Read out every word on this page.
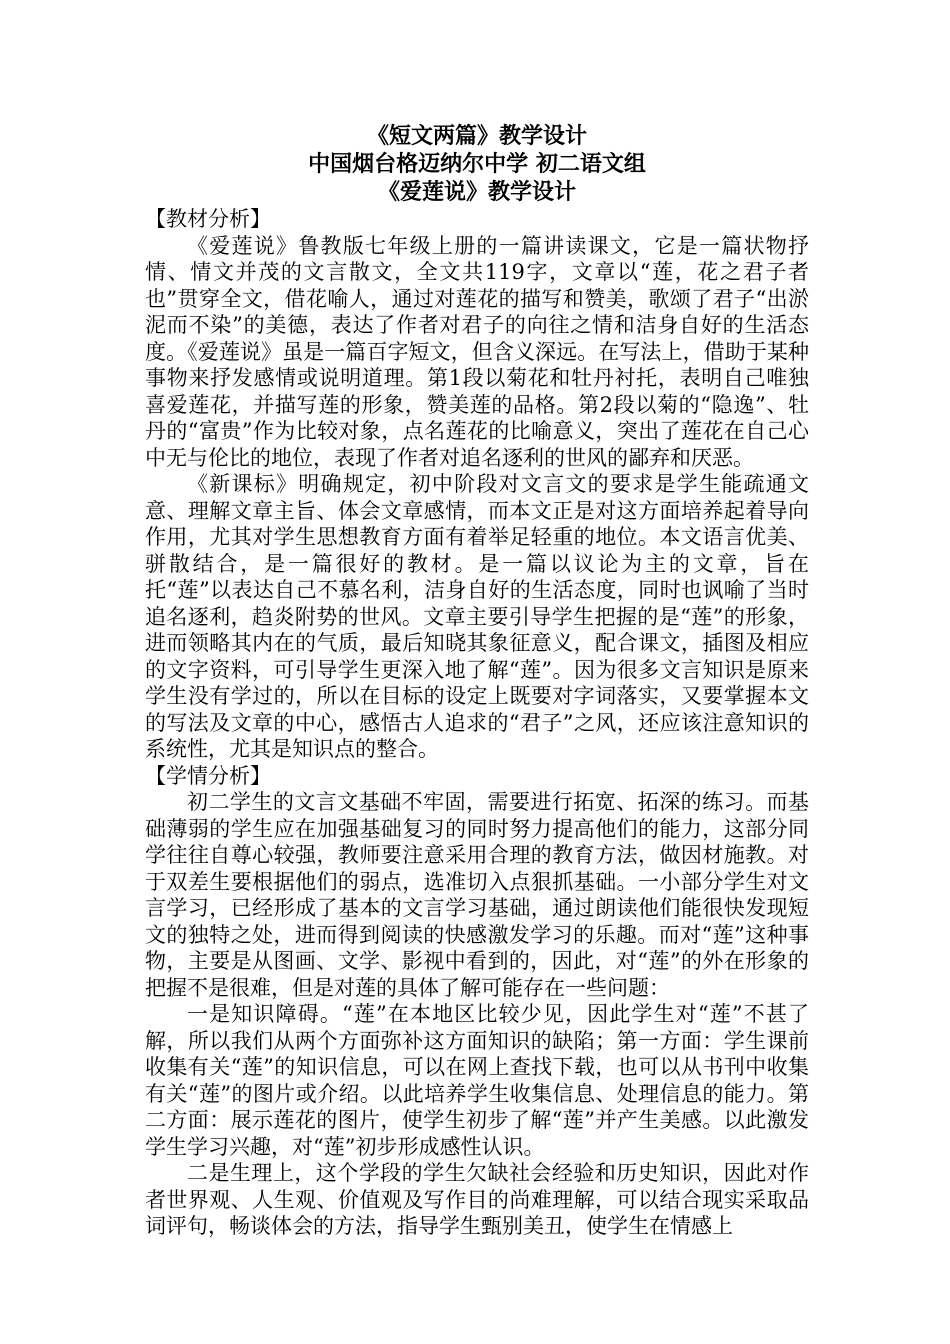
《短文两篇》教学设计

中国烟台格迈纳尔中学 初二语文组

《爱莲说》教学设计

【教材分析】

《爱莲说》鲁教版七年级上册的一篇讲读课文，它是一篇状物抒情、情文并茂的文言散文，全文共119字，文章以“莲，花之君子者也”贯穿全文，借花喻人，通过对莲花的描写和赞美，歌颂了君子“出淤泥而不染”的美德，表达了作者对君子的向往之情和洁身自好的生活态度。《爱莲说》虽是一篇百字短文，但含义深远。在写法上，借助于某种事物来抒发感情或说明道理。第1段以菊花和牡丹衬托，表明自己唯独喜爱莲花，并描写莲的形象，赞美莲的品格。第2段以菊的“隐逸”、牡丹的“富贵”作为比较对象，点名莲花的比喻意义，突出了莲花在自己心中无与伦比的地位，表现了作者对追名逐利的世风的鄙弃和厌恶。

《新课标》明确规定，初中阶段对文言文的要求是学生能疏通文意、理解文章主旨、体会文章感情，而本文正是对这方面培养起着导向作用，尤其对学生思想教育方面有着举足轻重的地位。本文语言优美、骈散结合，是一篇很好的教材。是一篇以议论为主的文章，旨在托“莲”以表达自己不慕名利，洁身自好的生活态度，同时也讽喻了当时追名逐利，趋炎附势的世风。文章主要引导学生把握的是“莲”的形象，进而领略其内在的气质，最后知晓其象征意义，配合课文，插图及相应的文字资料，可引导学生更深入地了解“莲”。因为很多文言知识是原来学生没有学过的，所以在目标的设定上既要对字词落实，又要掌握本文的写法及文章的中心，感悟古人追求的“君子”之风，还应该注意知识的系统性，尤其是知识点的整合。

【学情分析】

初二学生的文言文基础不牢固，需要进行拓宽、拓深的练习。而基础薄弱的学生应在加强基础复习的同时努力提高他们的能力，这部分同学往往自尊心较强，教师要注意采用合理的教育方法，做因材施教。对于双差生要根据他们的弱点，选准切入点狠抓基础。一小部分学生对文言学习，已经形成了基本的文言学习基础，通过朗读他们能很快发现短文的独特之处，进而得到阅读的快感激发学习的乐趣。而对“莲”这种事物，主要是从图画、文学、影视中看到的，因此，对“莲”的外在形象的把握不是很难，但是对莲的具体了解可能存在一些问题：

一是知识障碍。“莲”在本地区比较少见，因此学生对“莲”不甚了解，所以我们从两个方面弥补这方面知识的缺陷；第一方面：学生课前收集有关“莲”的知识信息，可以在网上查找下载，也可以从书刊中收集有关“莲”的图片或介绍。以此培养学生收集信息、处理信息的能力。第二方面：展示莲花的图片，使学生初步了解“莲”并产生美感。以此激发学生学习兴趣，对“莲”初步形成感性认识。

二是生理上，这个学段的学生欠缺社会经验和历史知识，因此对作者世界观、人生观、价值观及写作目的尚难理解，可以结合现实采取品词评句，畅谈体会的方法，指导学生甄别美丑，使学生在情感上
